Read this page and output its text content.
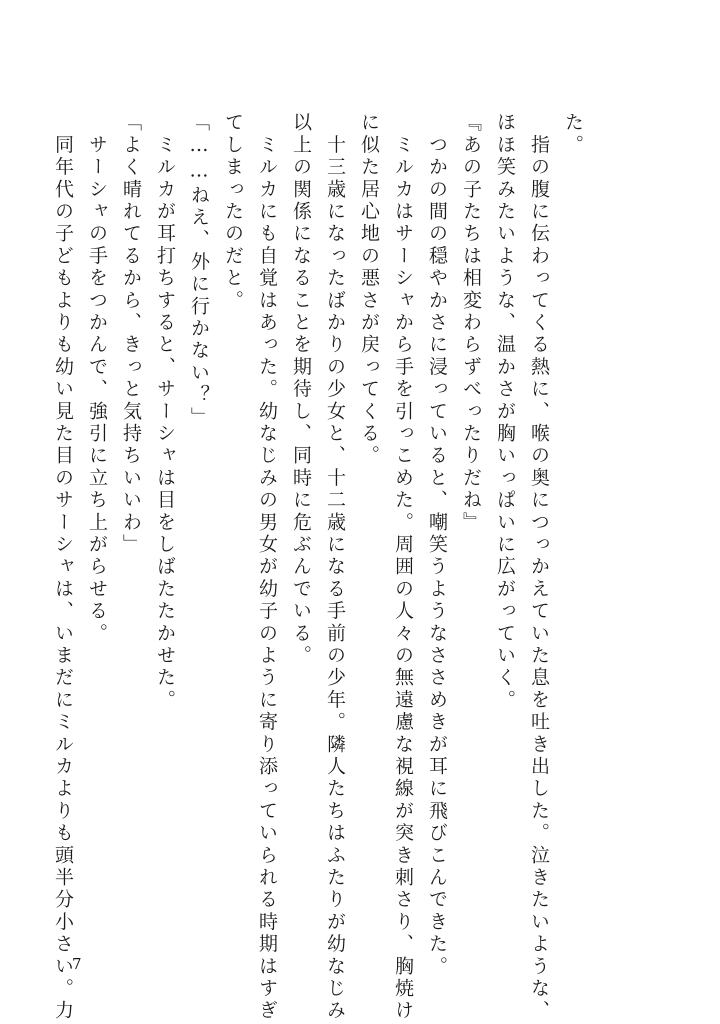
た。
　指の腹に伝わってくる熱に、喉の奥につっかえていた息を吐き出した。泣きたいような、
ほほ笑みたいような、温かさが胸いっぱいに広がっていく。
『あの子たちは相変わらずべったりだね』
　つかの間の穏やかさに浸っていると、嘲笑うようなささめきが耳に飛びこんできた。
　ミルカはサーシャから手を引っこめた。周囲の人々の無遠慮な視線が突き刺さり、胸焼け
に似た居心地の悪さが戻ってくる。
　十三歳になったばかりの少女と、十二歳になる手前の少年。隣人たちはふたりが幼なじみ
以上の関係になることを期待し、同時に危ぶんでいる。
　ミルカにも自覚はあった。幼なじみの男女が幼子のように寄り添っていられる時期はすぎ
てしまったのだと。
「……ねえ、外に行かない？」
　ミルカが耳打ちすると、サーシャは目をしばたたかせた。
「よく晴れてるから、きっと気持ちいいわ」
　サーシャの手をつかんで、強引に立ち上がらせる。
　同年代の子どもよりも幼い見た目のサーシャは、いまだにミルカよりも頭半分小さい。力
7
